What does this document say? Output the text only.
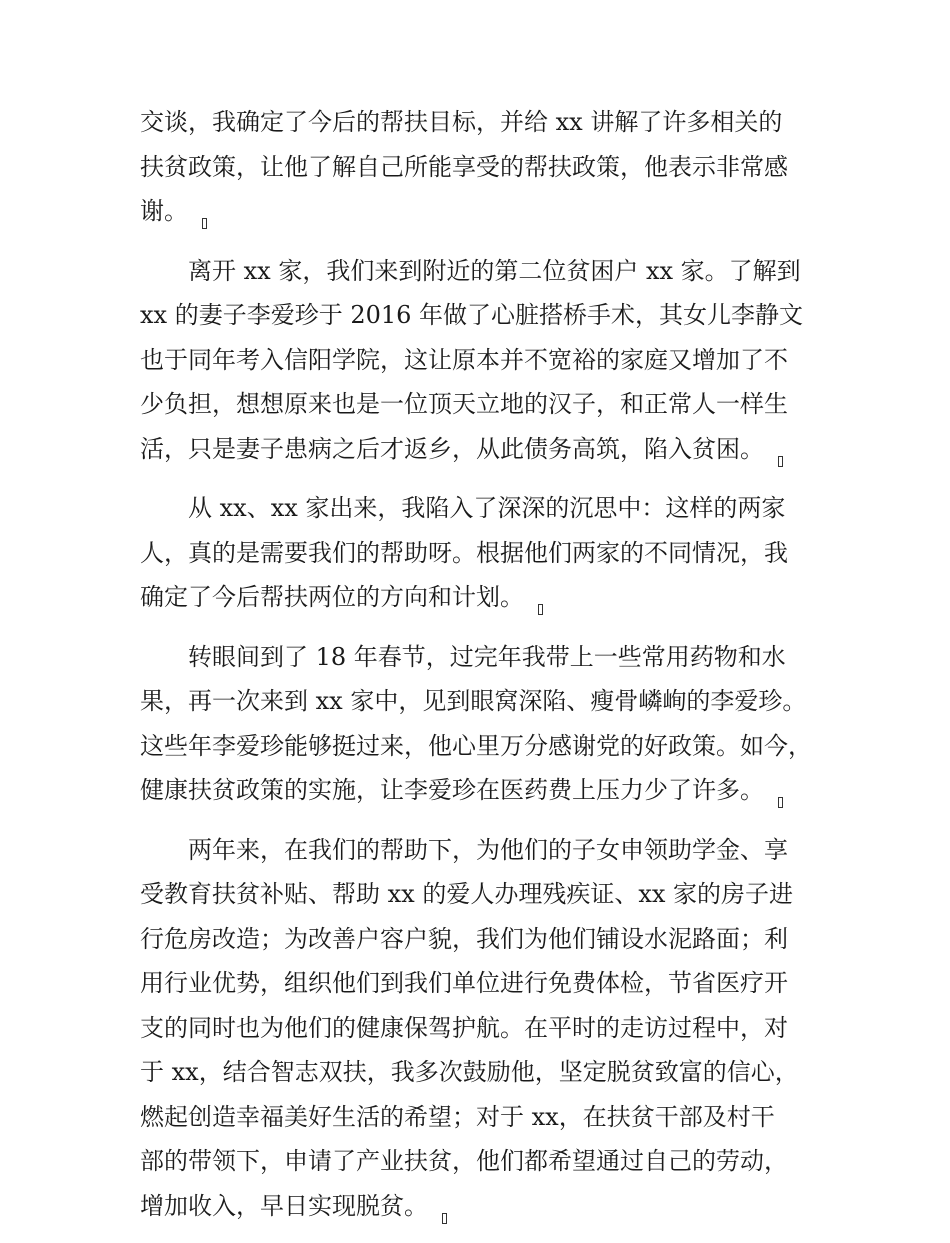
交谈，我确定了今后的帮扶目标，并给 xx 讲解了许多相关的
扶贫政策，让他了解自己所能享受的帮扶政策，他表示非常感
谢。

离开 xx 家，我们来到附近的第二位贫困户 xx 家。了解到
xx 的妻子李爱珍于 2016 年做了心脏搭桥手术，其女儿李静文
也于同年考入信阳学院，这让原本并不宽裕的家庭又增加了不
少负担，想想原来也是一位顶天立地的汉子，和正常人一样生
活，只是妻子患病之后才返乡，从此债务高筑，陷入贫困。

从 xx、xx 家出来，我陷入了深深的沉思中：这样的两家
人，真的是需要我们的帮助呀。根据他们两家的不同情况，我
确定了今后帮扶两位的方向和计划。

转眼间到了 18 年春节，过完年我带上一些常用药物和水
果，再一次来到 xx 家中，见到眼窝深陷、瘦骨嶙峋的李爱珍。
这些年李爱珍能够挺过来，他心里万分感谢党的好政策。如今，
健康扶贫政策的实施，让李爱珍在医药费上压力少了许多。

两年来，在我们的帮助下，为他们的子女申领助学金、享
受教育扶贫补贴、帮助 xx 的爱人办理残疾证、xx 家的房子进
行危房改造；为改善户容户貌，我们为他们铺设水泥路面；利
用行业优势，组织他们到我们单位进行免费体检，节省医疗开
支的同时也为他们的健康保驾护航。在平时的走访过程中，对
于 xx，结合智志双扶，我多次鼓励他，坚定脱贫致富的信心，
燃起创造幸福美好生活的希望；对于 xx，在扶贫干部及村干
部的带领下，申请了产业扶贫，他们都希望通过自己的劳动，
增加收入，早日实现脱贫。
